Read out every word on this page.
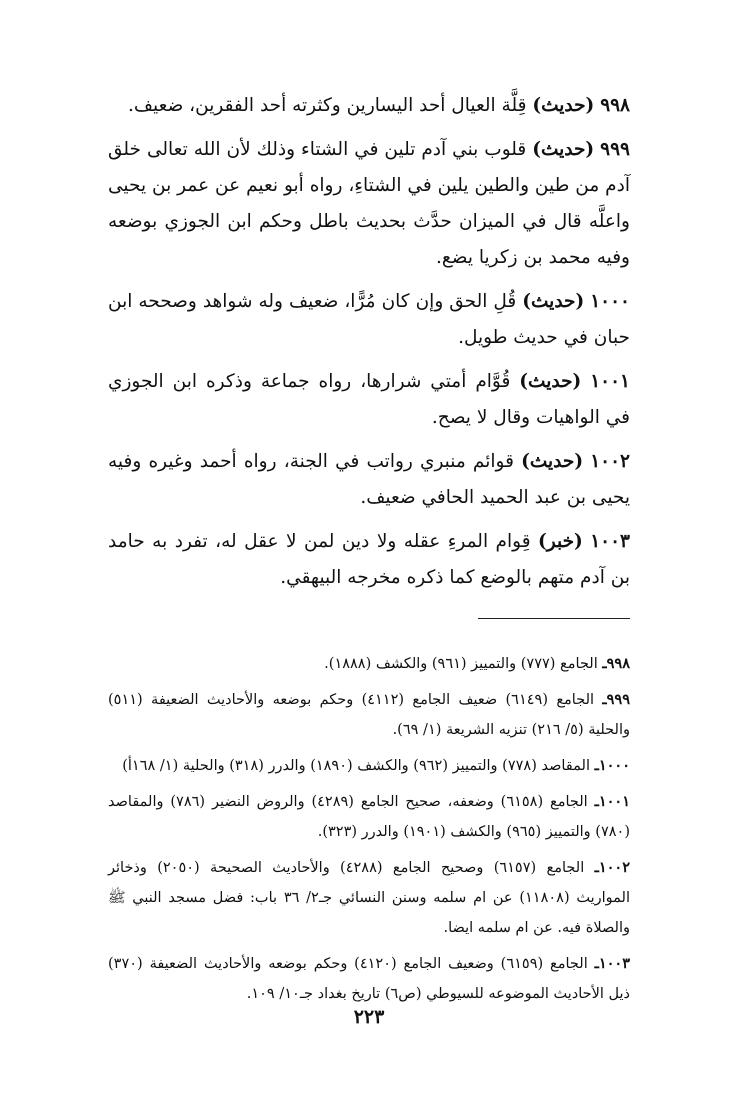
٩٩٨ (حديث) قِلَّة العيال أحد اليسارين وكثرته أحد الفقرين، ضعيف.

٩٩٩ (حديث) قلوب بني آدم تلين في الشتاء وذلك لأن الله تعالى خلق آدم من طين والطين يلين في الشتاءِ، رواه أبو نعيم عن عمر بن يحيى واعلَّه قال في الميزان حدَّث بحديث باطل وحكم ابن الجوزي بوضعه وفيه محمد بن زكريا يضع.

١٠٠٠ (حديث) قُلِ الحق وإن كان مُرًّا، ضعيف وله شواهد وصححه ابن حبان في حديث طويل.

١٠٠١ (حديث) قُوَّام أمتي شرارها، رواه جماعة وذكره ابن الجوزي في الواهيات وقال لا يصح.

١٠٠٢ (حديث) قوائم منبري رواتب في الجنة، رواه أحمد وغيره وفيه يحيى بن عبد الحميد الحافي ضعيف.

١٠٠٣ (خبر) قِوام المرءِ عقله ولا دين لمن لا عقل له، تفرد به حامد بن آدم متهم بالوضع كما ذكره مخرجه البيهقي.

٩٩٨ـ الجامع (٧٧٧) والتمييز (٩٦١) والكشف (١٨٨٨).

٩٩٩ـ الجامع (٦١٤٩) ضعيف الجامع (٤١١٢) وحكم بوضعه والأحاديث الضعيفة (٥١١) والحلية (٥/ ٢١٦) تنزيه الشريعة (١/ ٦٩).

١٠٠٠ـ المقاصد (٧٧٨) والتمييز (٩٦٢) والكشف (١٨٩٠) والدرر (٣١٨) والحلية (١/ ١٦٨أ)

١٠٠١ـ الجامع (٦١٥٨) وضعفه، صحيح الجامع (٤٢٨٩) والروض النضير (٧٨٦) والمقاصد (٧٨٠) والتمييز (٩٦٥) والكشف (١٩٠١) والدرر (٣٢٣).

١٠٠٢ـ الجامع (٦١٥٧) وصحيح الجامع (٤٢٨٨) والأحاديث الصحيحة (٢٠٥٠) وذخائر المواريث (١١٨٠٨) عن ام سلمه وسنن النسائي جـ٢/ ٣٦ باب: فضل مسجد النبي ﷺ والصلاة فيه. عن ام سلمه ايضا.

١٠٠٣ـ الجامع (٦١٥٩) وضعيف الجامع (٤١٢٠) وحكم بوضعه والأحاديث الضعيفة (٣٧٠) ذيل الأحاديث الموضوعه للسيوطي (ص٦) تاريخ بغداد جـ١٠/ ١٠٩.

٢٢٣
